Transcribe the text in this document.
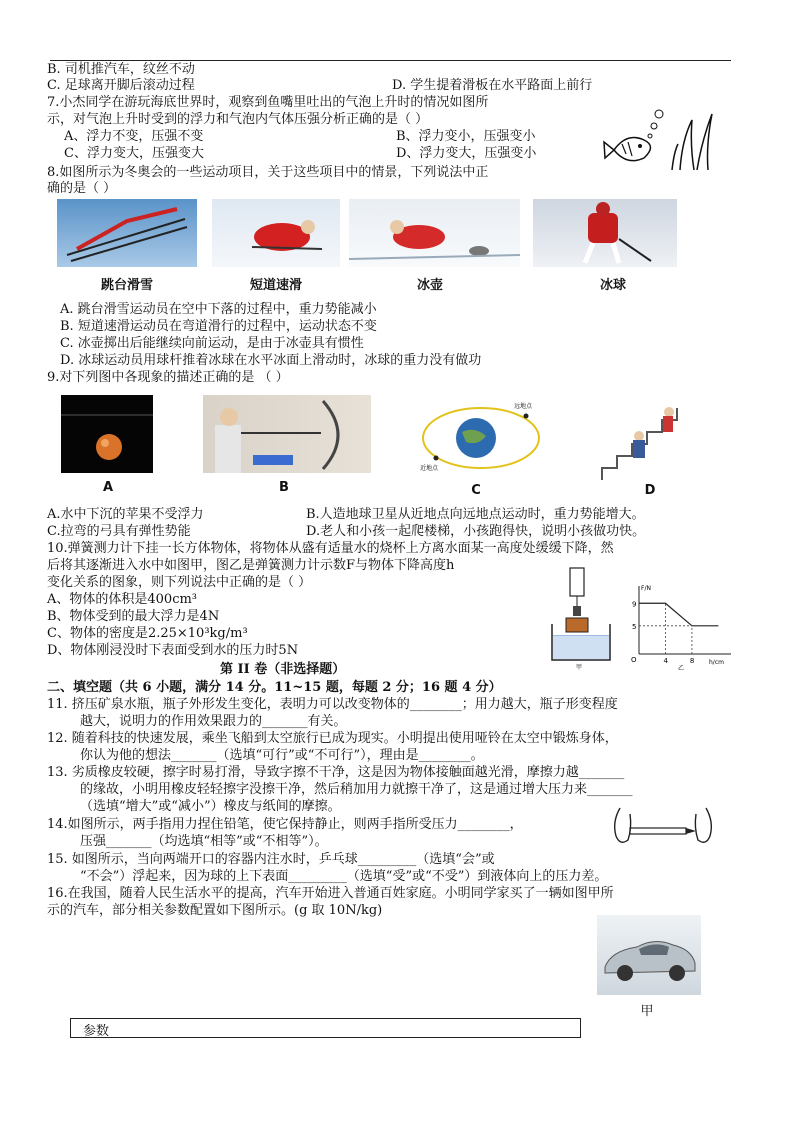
B. 司机推汽车，纹丝不动
C. 足球离开脚后滚动过程	D. 学生提着滑板在水平路面上前行
7.小杰同学在游玩海底世界时，观察到鱼嘴里吐出的气泡上升时的情况如图所
示，对气泡上升时受到的浮力和气泡内气体压强分析正确的是（ ）
A、浮力不变，压强不变	B、浮力变小，压强变小
C、浮力变大，压强变大	D、浮力变大，压强变小
8.如图所示为冬奥会的一些运动项目，关于这些项目中的情景，下列说法中正
确的是（ ）
跳台滑雪	短道速滑	冰壶	冰球
A. 跳台滑雪运动员在空中下落的过程中，重力势能减小
B. 短道速滑运动员在弯道滑行的过程中，运动状态不变
C. 冰壶掷出后能继续向前运动，是由于冰壶具有惯性
D. 冰球运动员用球杆推着冰球在水平冰面上滑动时，冰球的重力没有做功
9.对下列图中各现象的描述正确的是 （ ）
远地点
近地点
A	B	C	D
A.水中下沉的苹果不受浮力	B.人造地球卫星从近地点向远地点运动时，重力势能增大。
C.拉弯的弓具有弹性势能	D.老人和小孩一起爬楼梯，小孩跑得快，说明小孩做功快。
10.弹簧测力计下挂一长方体物体，将物体从盛有适量水的烧杯上方离水面某一高度处缓缓下降，然
后将其逐渐进入水中如图甲，图乙是弹簧测力计示数F与物体下降高度h
变化关系的图象，则下列说法中正确的是（ ）
A、物体的体积是400cm³
B、物体受到的最大浮力是4N
C、物体的密度是2.25×10³kg/m³
D、物体刚浸没时下表面受到水的压力时5N
甲
F/N
h/cm
O
5
9
4	8
乙
第 II 卷（非选择题）
二、填空题（共 6 小题，满分 14 分。11~15 题，每题 2 分；16 题 4 分）
11. 挤压矿泉水瓶，瓶子外形发生变化，表明力可以改变物体的________；用力越大，瓶子形变程度
越大，说明力的作用效果跟力的_______有关。
12. 随着科技的快速发展，乘坐飞船到太空旅行已成为现实。小明提出使用哑铃在太空中锻炼身体，
你认为他的想法_______（选填“可行”或“不可行”），理由是________。
13. 劣质橡皮较硬，擦字时易打滑，导致字擦不干净，这是因为物体接触面越光滑，摩擦力越_______
的缘故，小明用橡皮轻轻擦字没擦干净，然后稍加用力就擦干净了，这是通过增大压力来_______
（选填“增大”或“减小”）橡皮与纸间的摩擦。
14.如图所示，两手指用力捏住铅笔，使它保持静止，则两手指所受压力________，
压强_______（均选填“相等”或“不相等”）。
15. 如图所示，当向两端开口的容器内注水时，乒乓球_________（选填“会”或
“不会”）浮起来，因为球的上下表面_________（选填“受”或“不受”）到液体向上的压力差。
16.在我国，随着人民生活水平的提高，汽车开始进入普通百姓家庭。小明同学家买了一辆如图甲所
示的汽车，部分相关参数配置如下图所示。(g 取 10N/kg)
甲
参数
